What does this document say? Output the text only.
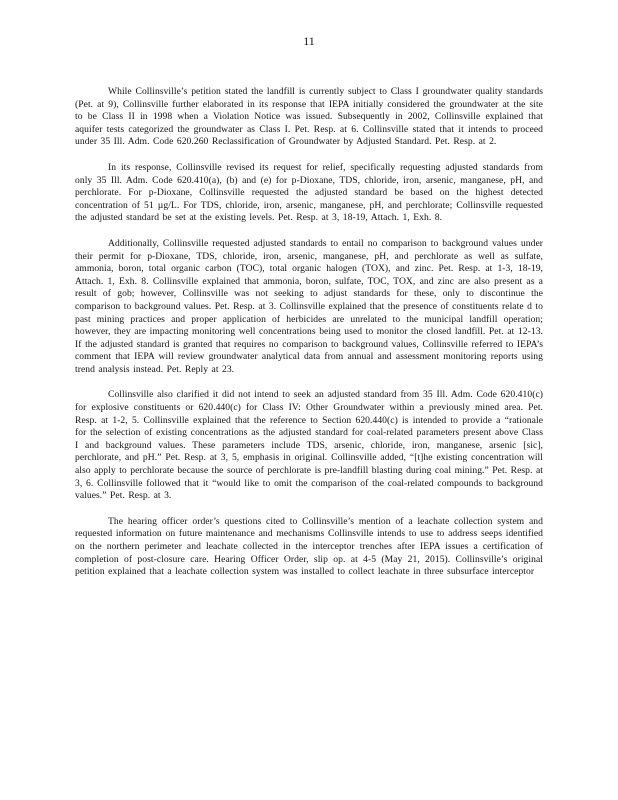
11

While Collinsville’s petition stated the landfill is currently subject to Class I groundwater quality standards (Pet. at 9), Collinsville further elaborated in its response that IEPA initially considered the groundwater at the site to be Class II in 1998 when a Violation Notice was issued. Subsequently in 2002, Collinsville explained that aquifer tests categorized the groundwater as Class I. Pet. Resp. at 6. Collinsville stated that it intends to proceed under 35 Ill. Adm. Code 620.260 Reclassification of Groundwater by Adjusted Standard. Pet. Resp. at 2.

In its response, Collinsville revised its request for relief, specifically requesting adjusted standards from only 35 Ill. Adm. Code 620.410(a), (b) and (e) for p-Dioxane, TDS, chloride, iron, arsenic, manganese, pH, and perchlorate. For p-Dioxane, Collinsville requested the adjusted standard be based on the highest detected concentration of 51 µg/L. For TDS, chloride, iron, arsenic, manganese, pH, and perchlorate; Collinsville requested the adjusted standard be set at the existing levels. Pet. Resp. at 3, 18-19, Attach. 1, Exh. 8.

Additionally, Collinsville requested adjusted standards to entail no comparison to background values under their permit for p-Dioxane, TDS, chloride, iron, arsenic, manganese, pH, and perchlorate as well as sulfate, ammonia, boron, total organic carbon (TOC), total organic halogen (TOX), and zinc. Pet. Resp. at 1-3, 18-19, Attach. 1, Exh. 8. Collinsville explained that ammonia, boron, sulfate, TOC, TOX, and zinc are also present as a result of gob; however, Collinsville was not seeking to adjust standards for these, only to discontinue the comparison to background values. Pet. Resp. at 3. Collinsville explained that the presence of constituents relate d to past mining practices and proper application of herbicides are unrelated to the municipal landfill operation; however, they are impacting monitoring well concentrations being used to monitor the closed landfill. Pet. at 12-13. If the adjusted standard is granted that requires no comparison to background values, Collinsville referred to IEPA’s comment that IEPA will review groundwater analytical data from annual and assessment monitoring reports using trend analysis instead. Pet. Reply at 23.

Collinsville also clarified it did not intend to seek an adjusted standard from 35 Ill. Adm. Code 620.410(c) for explosive constituents or 620.440(c) for Class IV: Other Groundwater within a previously mined area. Pet. Resp. at 1-2, 5. Collinsville explained that the reference to Section 620.440(c) is intended to provide a “rationale for the selection of existing concentrations as the adjusted standard for coal-related parameters present above Class I and background values. These parameters include TDS, arsenic, chloride, iron, manganese, arsenic [sic], perchlorate, and pH.” Pet. Resp. at 3, 5, emphasis in original. Collinsville added, “[t]he existing concentration will also apply to perchlorate because the source of perchlorate is pre-landfill blasting during coal mining.” Pet. Resp. at 3, 6. Collinsville followed that it “would like to omit the comparison of the coal-related compounds to background values.” Pet. Resp. at 3.

The hearing officer order’s questions cited to Collinsville’s mention of a leachate collection system and requested information on future maintenance and mechanisms Collinsville intends to use to address seeps identified on the northern perimeter and leachate collected in the interceptor trenches after IEPA issues a certification of completion of post-closure care. Hearing Officer Order, slip op. at 4-5 (May 21, 2015). Collinsville’s original petition explained that a leachate collection system was installed to collect leachate in three subsurface interceptor
